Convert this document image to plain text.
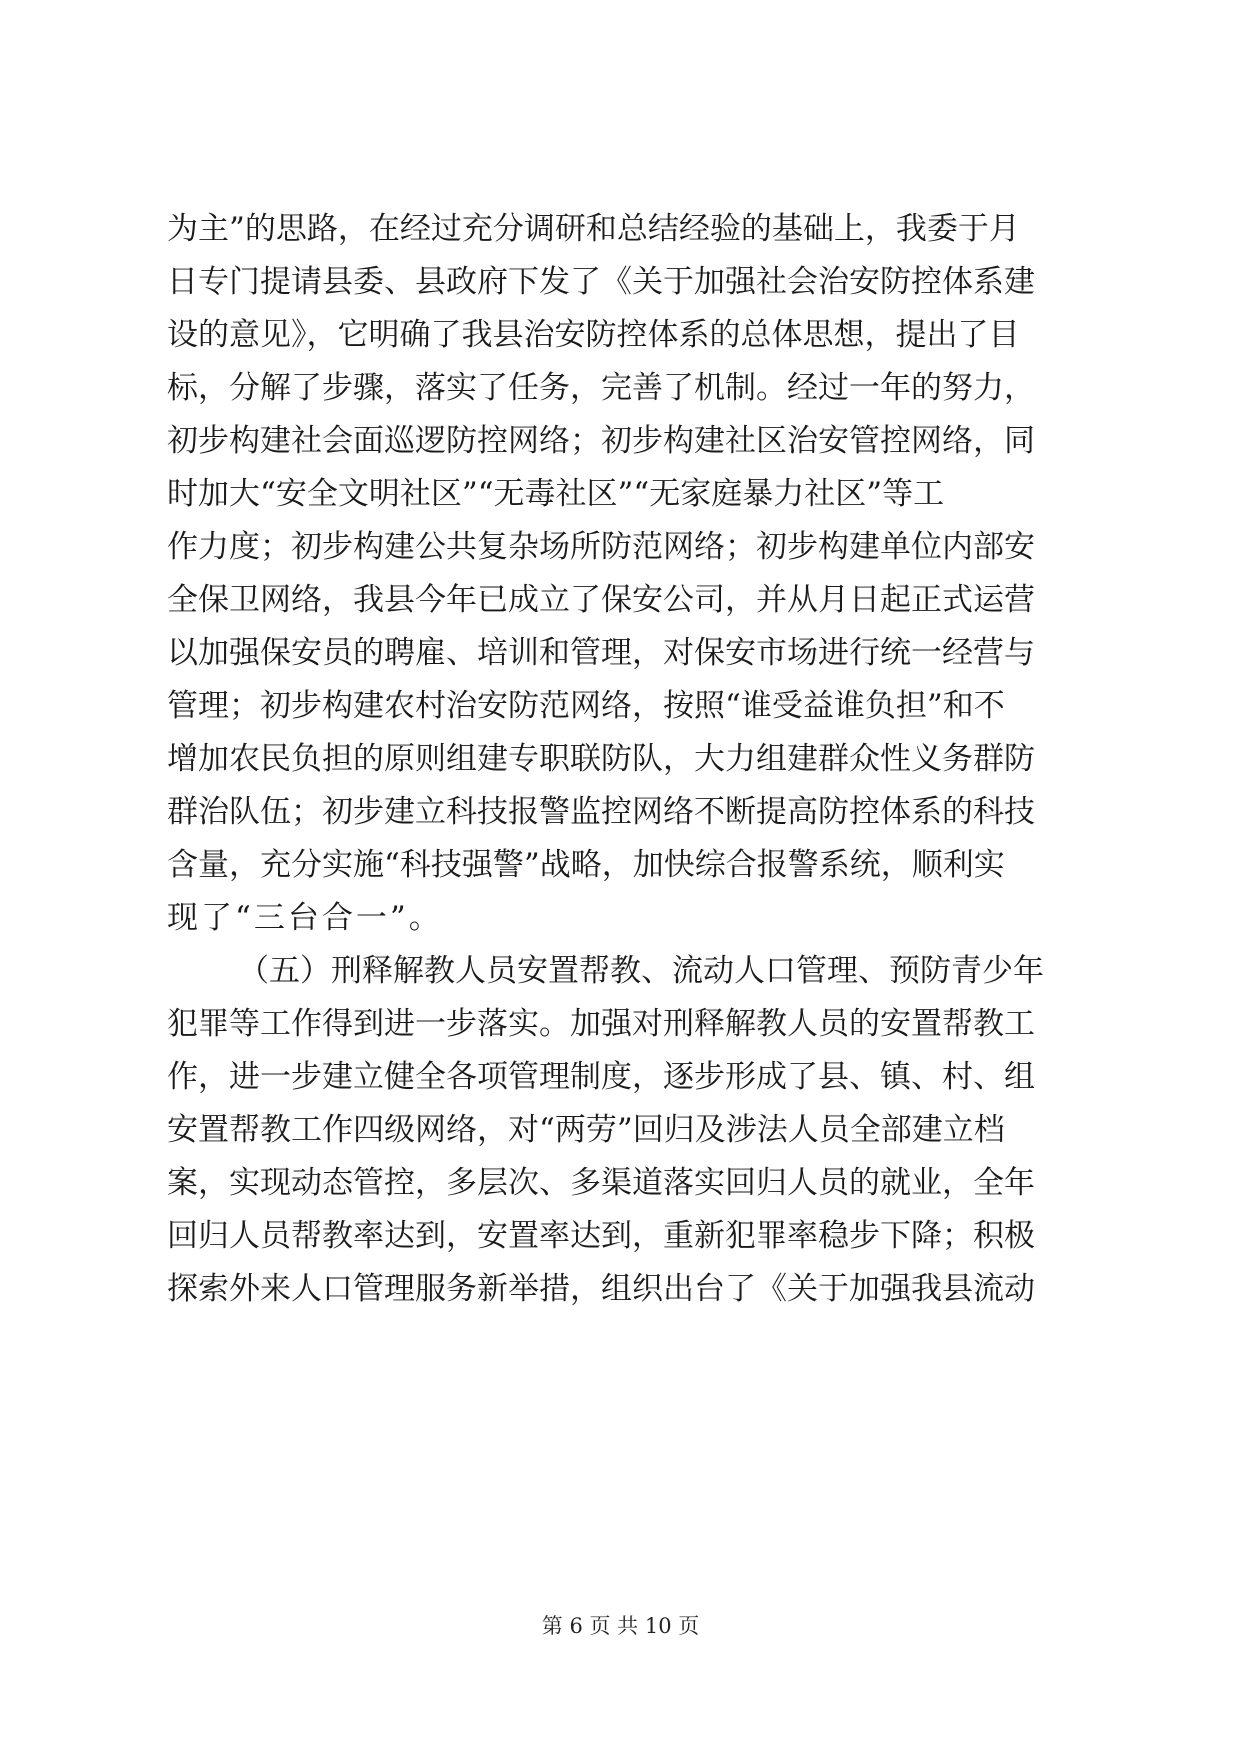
为主”的思路，在经过充分调研和总结经验的基础上，我委于月
日专门提请县委、县政府下发了《关于加强社会治安防控体系建
设的意见》，它明确了我县治安防控体系的总体思想，提出了目
标，分解了步骤，落实了任务，完善了机制。经过一年的努力，
初步构建社会面巡逻防控网络；初步构建社区治安管控网络，同
时加大“安全文明社区”“无毒社区”“无家庭暴力社区”等工
作力度；初步构建公共复杂场所防范网络；初步构建单位内部安
全保卫网络，我县今年已成立了保安公司，并从月日起正式运营
以加强保安员的聘雇、培训和管理，对保安市场进行统一经营与
管理；初步构建农村治安防范网络，按照“谁受益谁负担”和不
增加农民负担的原则组建专职联防队，大力组建群众性义务群防
群治队伍；初步建立科技报警监控网络不断提高防控体系的科技
含量，充分实施“科技强警”战略，加快综合报警系统，顺利实
现了“三台合一”。
（五）刑释解教人员安置帮教、流动人口管理、预防青少年
犯罪等工作得到进一步落实。加强对刑释解教人员的安置帮教工
作，进一步建立健全各项管理制度，逐步形成了县、镇、村、组
安置帮教工作四级网络，对“两劳”回归及涉法人员全部建立档
案，实现动态管控，多层次、多渠道落实回归人员的就业，全年
回归人员帮教率达到，安置率达到，重新犯罪率稳步下降；积极
探索外来人口管理服务新举措，组织出台了《关于加强我县流动
第 6 页 共 10 页
